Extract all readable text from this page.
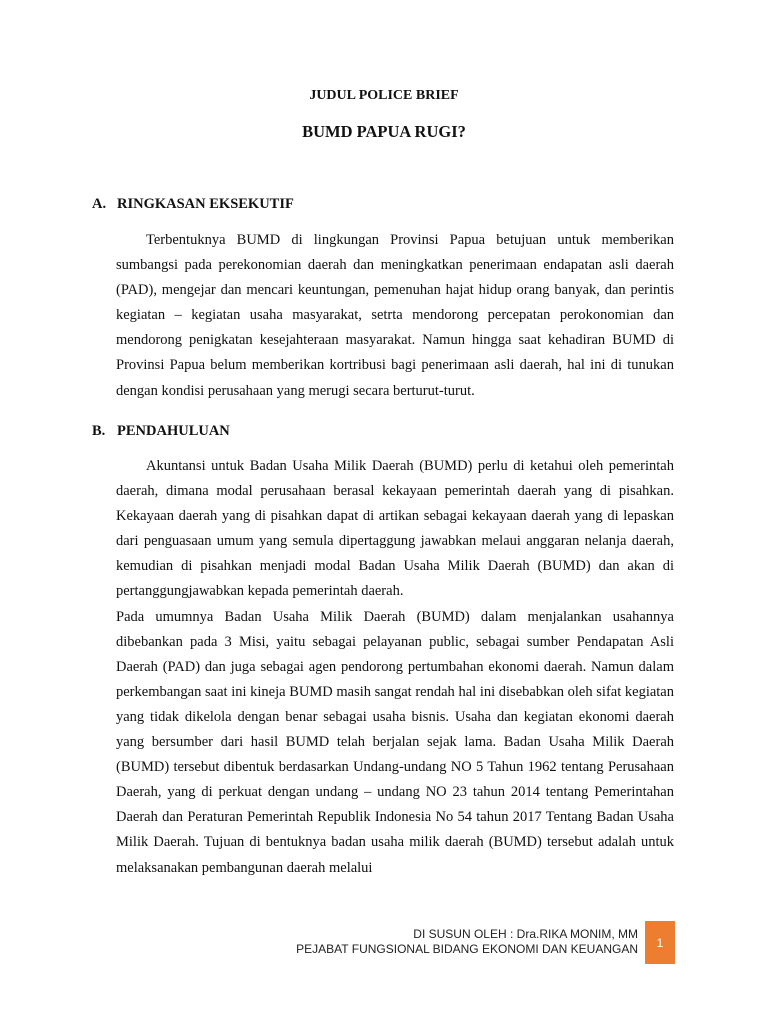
JUDUL POLICE BRIEF
BUMD PAPUA RUGI?
A. RINGKASAN EKSEKUTIF

Terbentuknya BUMD di lingkungan Provinsi Papua betujuan untuk memberikan sumbangsi pada perekonomian daerah dan meningkatkan penerimaan endapatan asli daerah (PAD), mengejar dan mencari keuntungan, pemenuhan hajat hidup orang banyak, dan perintis kegiatan – kegiatan usaha masyarakat, setrta mendorong percepatan perokonomian dan mendorong penigkatan kesejahteraan masyarakat. Namun hingga saat kehadiran BUMD di Provinsi Papua belum memberikan kortribusi bagi penerimaan asli daerah, hal ini di tunukan dengan kondisi perusahaan yang merugi secara berturut-turut.

B. PENDAHULUAN

Akuntansi untuk Badan Usaha Milik Daerah (BUMD) perlu di ketahui oleh pemerintah daerah, dimana modal perusahaan berasal kekayaan pemerintah daerah yang di pisahkan. Kekayaan daerah yang di pisahkan dapat di artikan sebagai kekayaan daerah yang di lepaskan dari penguasaan umum yang semula dipertaggung jawabkan melaui anggaran nelanja daerah, kemudian di pisahkan menjadi modal Badan Usaha Milik Daerah (BUMD) dan akan di pertanggungjawabkan kepada pemerintah daerah.

Pada umumnya Badan Usaha Milik Daerah (BUMD) dalam menjalankan usahannya dibebankan pada 3 Misi, yaitu sebagai pelayanan public, sebagai sumber Pendapatan Asli Daerah (PAD) dan juga sebagai agen pendorong pertumbahan ekonomi daerah. Namun dalam perkembangan saat ini kineja BUMD masih sangat rendah hal ini disebabkan oleh sifat kegiatan yang tidak dikelola dengan benar sebagai usaha bisnis. Usaha dan kegiatan ekonomi daerah yang bersumber dari hasil BUMD telah berjalan sejak lama. Badan Usaha Milik Daerah (BUMD) tersebut dibentuk berdasarkan Undang-undang NO 5 Tahun 1962 tentang Perusahaan Daerah, yang di perkuat dengan undang – undang NO 23 tahun 2014 tentang Pemerintahan Daerah dan Peraturan Pemerintah Republik Indonesia No 54 tahun 2017 Tentang Badan Usaha Milik Daerah. Tujuan di bentuknya badan usaha milik daerah (BUMD) tersebut adalah untuk melaksanakan pembangunan daerah melalui

DI SUSUN OLEH : Dra.RIKA MONIM, MM
PEJABAT FUNGSIONAL BIDANG EKONOMI DAN KEUANGAN 1
